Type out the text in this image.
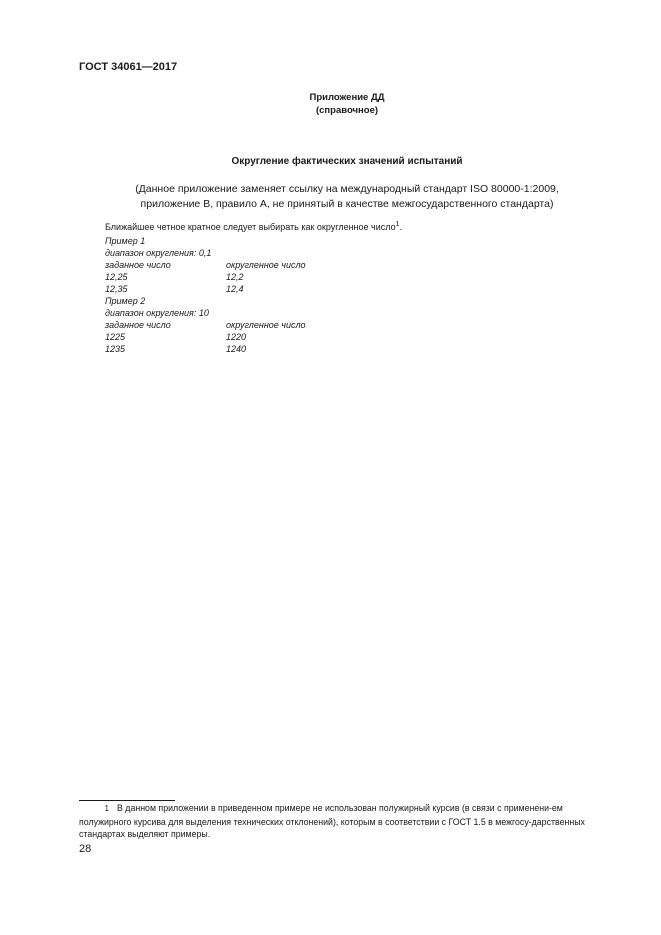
ГОСТ 34061—2017
Приложение ДД
(справочное)
Округление фактических значений испытаний
(Данное приложение заменяет ссылку на международный стандарт ISO 80000-1:2009,
приложение В, правило А, не принятый в качестве межгосударственного стандарта)

Ближайшее четное кратное следует выбирать как округленное число$^1$.

Пример 1
диапазон округления: 0,1
заданное число	округленное число
12,25	12,2
12,35	12,4
Пример 2
диапазон округления: 10
заданное число	округленное число
1225	1220
1235	1240

1 В данном приложении в приведенном примере не использован полужирный курсив (в связи с применени-ем полужирного курсива для выделения технических отклонений), которым в соответствии с ГОСТ 1.5 в межгосу-дарственных стандартах выделяют примеры.

28
